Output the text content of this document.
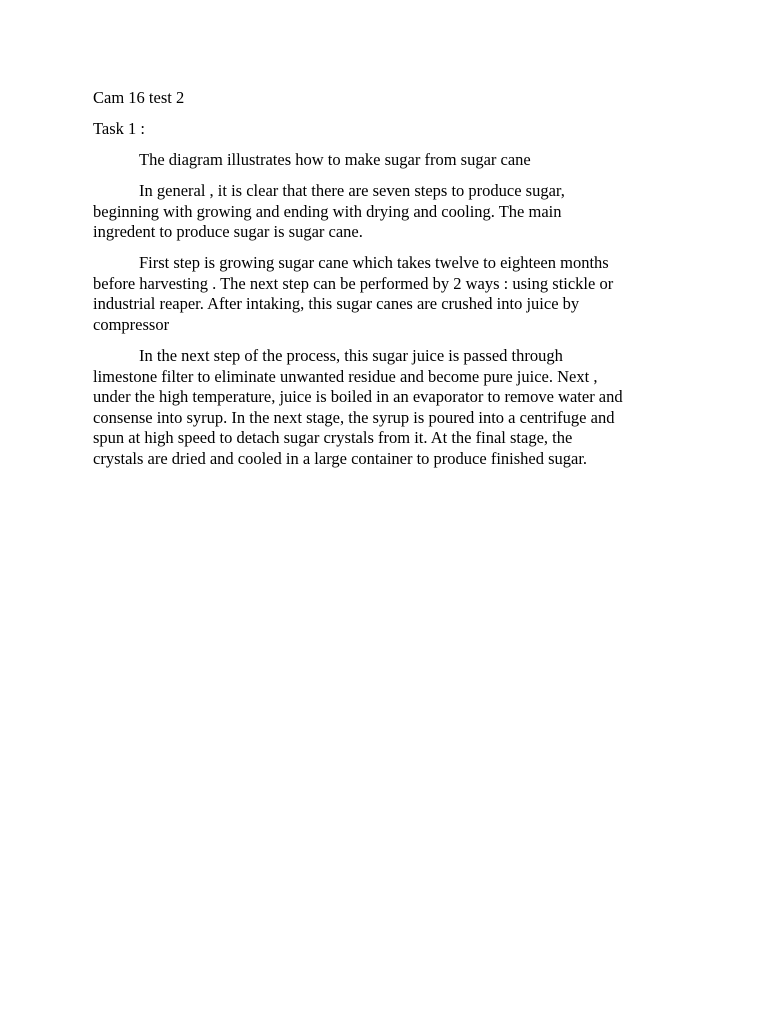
Cam 16 test 2

Task 1 :

The diagram illustrates how to make sugar from sugar cane

In general , it is clear that there are seven steps to produce sugar,
beginning with growing and ending with drying and cooling. The main
ingredent to produce sugar is sugar cane.
First step is growing sugar cane which takes twelve to eighteen months
before harvesting . The next step can be performed by 2 ways : using stickle or
industrial reaper. After intaking, this sugar canes are crushed into juice by
compressor
In the next step of the process, this sugar juice is passed through
limestone filter to eliminate unwanted residue and become pure juice. Next ,
under the high temperature, juice is boiled in an evaporator to remove water and
consense into syrup. In the next stage, the syrup is poured into a centrifuge and
spun at high speed to detach sugar crystals from it. At the final stage, the
crystals are dried and cooled in a large container to produce finished sugar.
